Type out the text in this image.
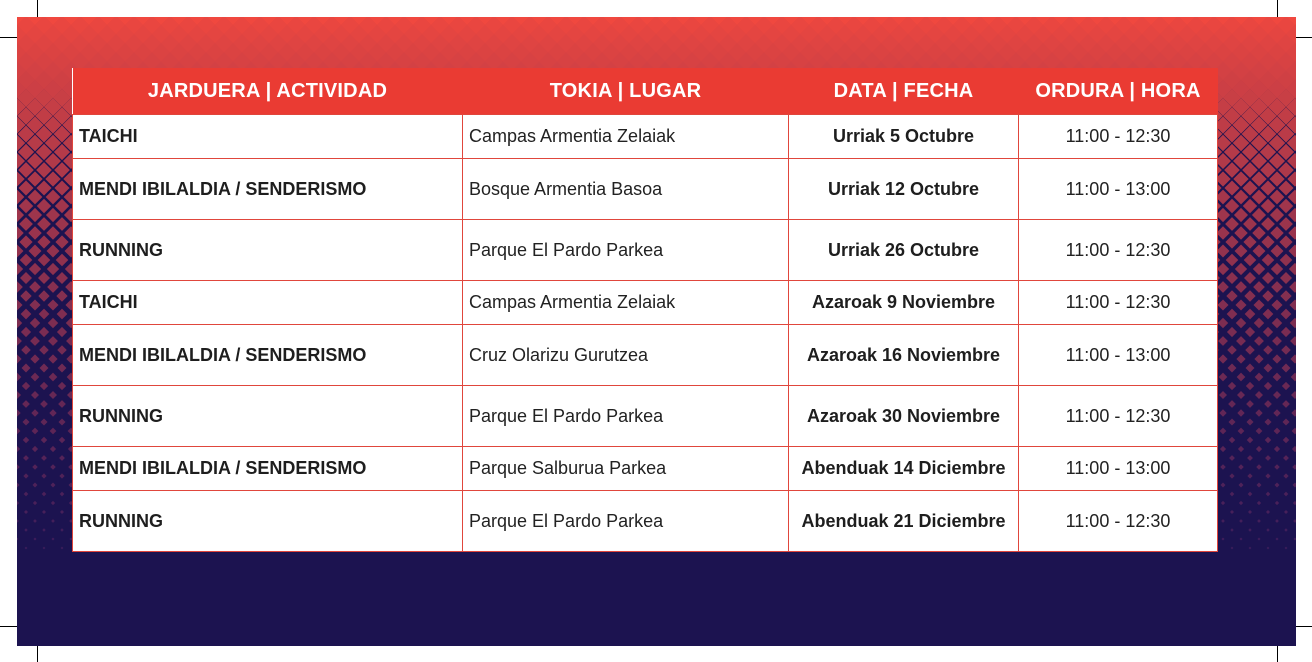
JARDUERA | ACTIVIDAD	TOKIA | LUGAR	DATA | FECHA	ORDURA | HORA
TAICHI	Campas Armentia Zelaiak	Urriak 5 Octubre	11:00 - 12:30
MENDI IBILALDIA / SENDERISMO	Bosque Armentia Basoa	Urriak 12 Octubre	11:00 - 13:00
RUNNING	Parque El Pardo Parkea	Urriak 26 Octubre	11:00 - 12:30
TAICHI	Campas Armentia Zelaiak	Azaroak 9 Noviembre	11:00 - 12:30
MENDI IBILALDIA / SENDERISMO	Cruz Olarizu Gurutzea	Azaroak 16 Noviembre	11:00 - 13:00
RUNNING	Parque El Pardo Parkea	Azaroak 30 Noviembre	11:00 - 12:30
MENDI IBILALDIA / SENDERISMO	Parque Salburua Parkea	Abenduak 14 Diciembre	11:00 - 13:00
RUNNING	Parque El Pardo Parkea	Abenduak 21 Diciembre	11:00 - 12:30
